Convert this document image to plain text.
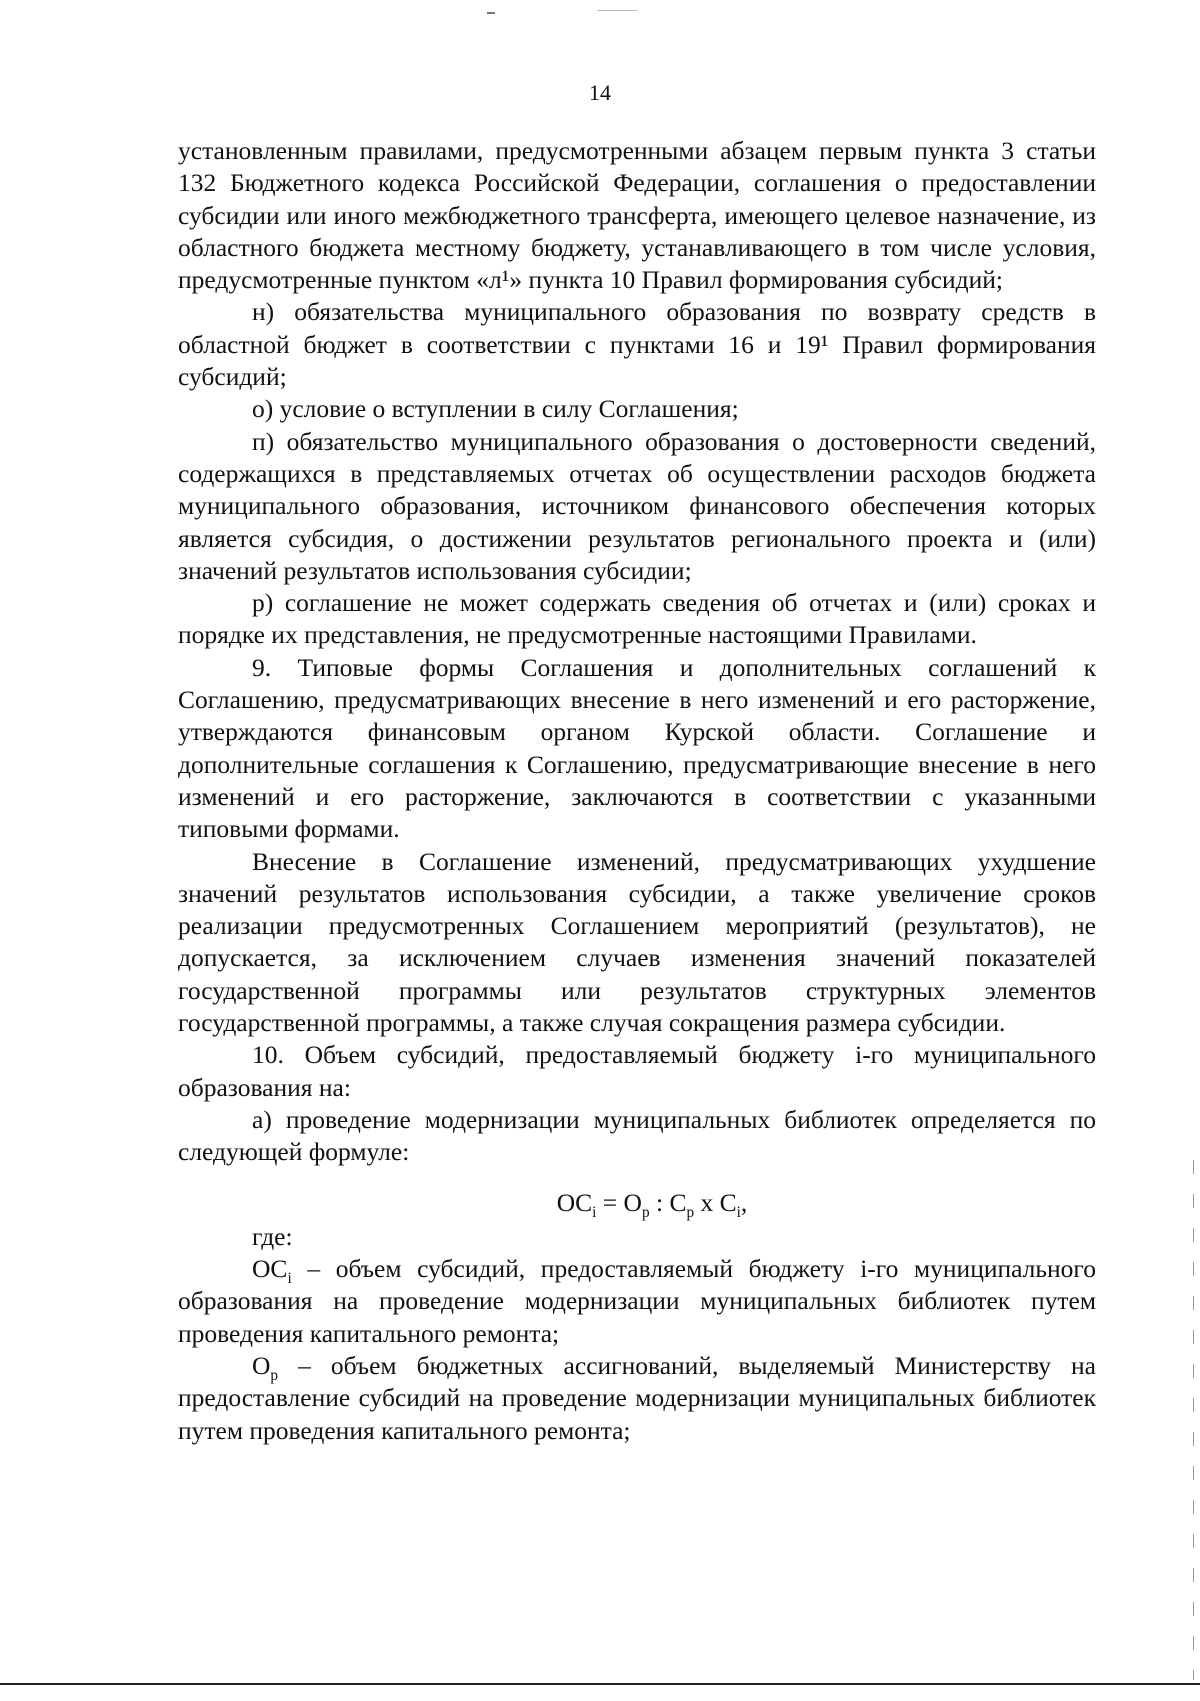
14

установленным правилами, предусмотренными абзацем первым пункта 3 статьи 132 Бюджетного кодекса Российской Федерации, соглашения о предоставлении субсидии или иного межбюджетного трансферта, имеющего целевое назначение, из областного бюджета местному бюджету, устанавливающего в том числе условия, предусмотренные пунктом «л¹» пункта 10 Правил формирования субсидий;

н) обязательства муниципального образования по возврату средств в областной бюджет в соответствии с пунктами 16 и 19¹ Правил формирования субсидий;

о) условие о вступлении в силу Соглашения;

п) обязательство муниципального образования о достоверности сведений, содержащихся в представляемых отчетах об осуществлении расходов бюджета муниципального образования, источником финансового обеспечения которых является субсидия, о достижении результатов регионального проекта и (или) значений результатов использования субсидии;

р) соглашение не может содержать сведения об отчетах и (или) сроках и порядке их представления, не предусмотренные настоящими Правилами.

9. Типовые формы Соглашения и дополнительных соглашений к Соглашению, предусматривающих внесение в него изменений и его расторжение, утверждаются финансовым органом Курской области. Соглашение и дополнительные соглашения к Соглашению, предусматривающие внесение в него изменений и его расторжение, заключаются в соответствии с указанными типовыми формами.

Внесение в Соглашение изменений, предусматривающих ухудшение значений результатов использования субсидии, а также увеличение сроков реализации предусмотренных Соглашением мероприятий (результатов), не допускается, за исключением случаев изменения значений показателей государственной программы или результатов структурных элементов государственной программы, а также случая сокращения размера субсидии.

10. Объем субсидий, предоставляемый бюджету i-го муниципального образования на:

а) проведение модернизации муниципальных библиотек определяется по следующей формуле:

$OC_i = O_p$ : $C_p$ x $C_i$,

где:

$OC_i$ – объем субсидий, предоставляемый бюджету i-го муниципального образования на проведение модернизации муниципальных библиотек путем проведения капитального ремонта;

$O_p$ – объем бюджетных ассигнований, выделяемый Министерству на предоставление субсидий на проведение модернизации муниципальных библиотек путем проведения капитального ремонта;
